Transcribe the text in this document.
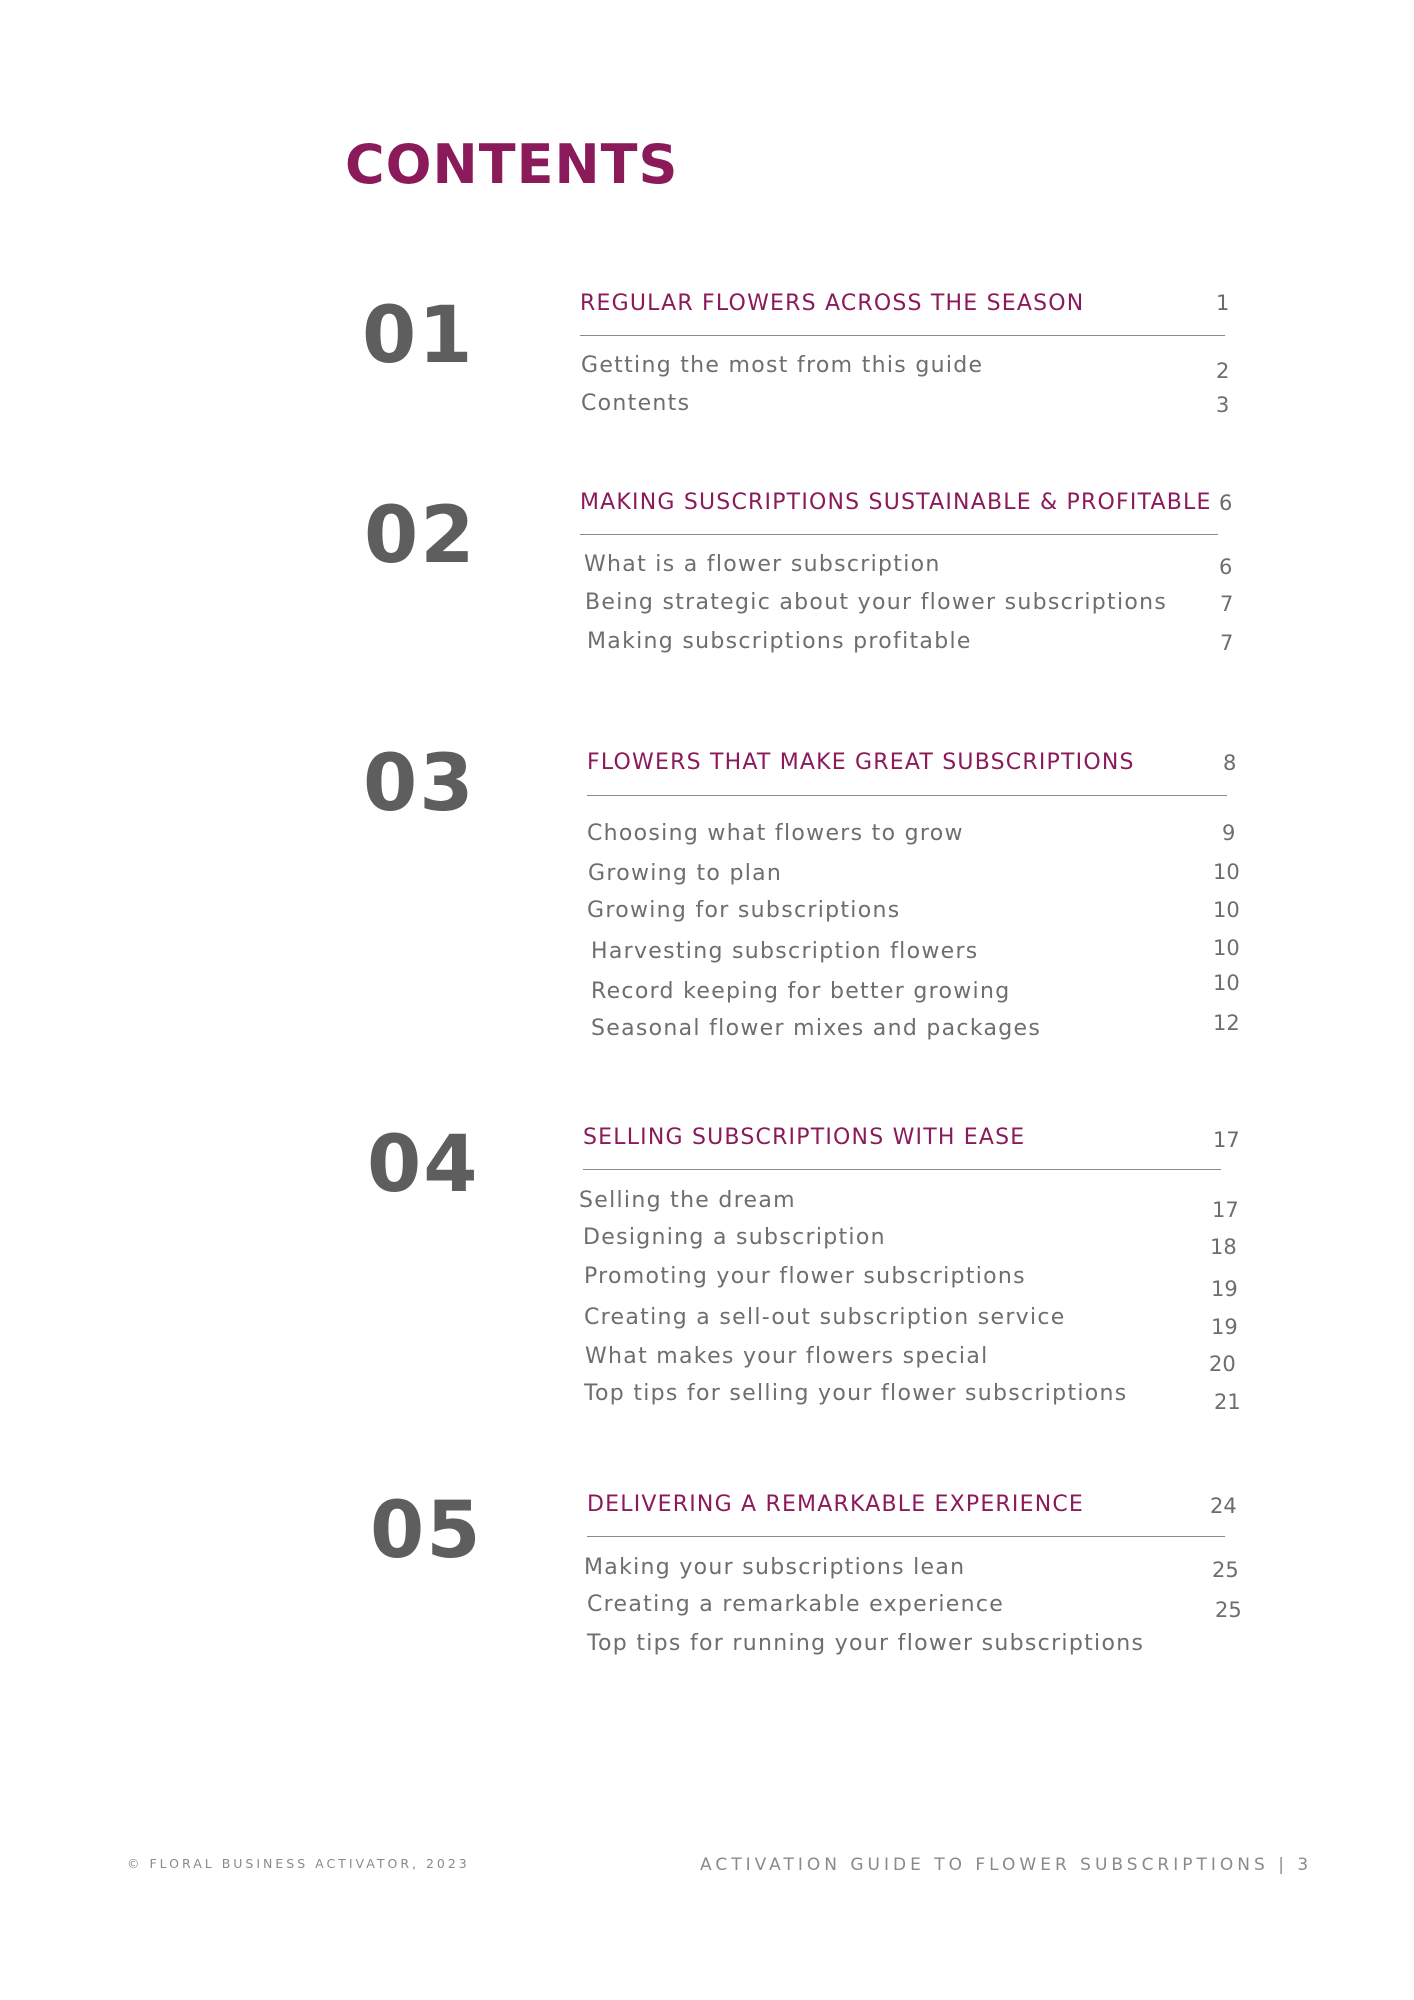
CONTENTS
01	REGULAR FLOWERS ACROSS THE SEASON	1
Getting the most from this guide	2
Contents	3
02	MAKING SUSCRIPTIONS SUSTAINABLE & PROFITABLE 6
What is a flower subscription	6
Being strategic about your flower subscriptions	7
Making subscriptions profitable	7
03	FLOWERS THAT MAKE GREAT SUBSCRIPTIONS	8
Choosing what flowers to grow	9
Growing to plan	10
Growing for subscriptions	10
Harvesting subscription flowers	10
Record keeping for better growing	10
Seasonal flower mixes and packages	12
04	SELLING SUBSCRIPTIONS WITH EASE	17
Selling the dream	17
Designing a subscription	18
Promoting your flower subscriptions	19
Creating a sell-out subscription service	19
What makes your flowers special	20
Top tips for selling your flower subscriptions	21
05	DELIVERING A REMARKABLE EXPERIENCE	24
Making your subscriptions lean	25
Creating a remarkable experience	25
Top tips for running your flower subscriptions
© FLORAL BUSINESS ACTIVATOR, 2023	ACTIVATION GUIDE TO FLOWER SUBSCRIPTIONS | 3
